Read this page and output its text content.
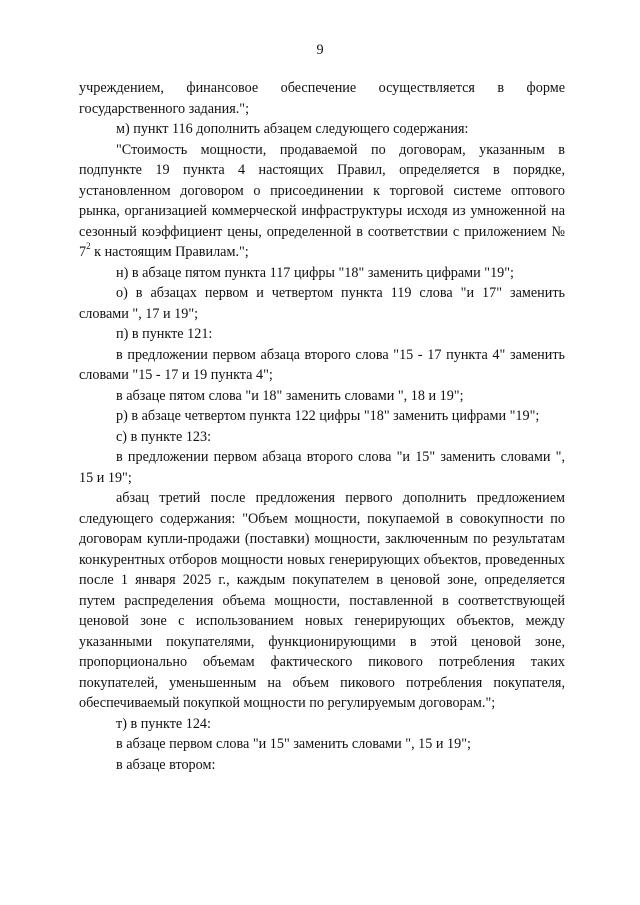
9

учреждением, финансовое обеспечение осуществляется в форме государственного задания.";

м) пункт 116 дополнить абзацем следующего содержания:

"Стоимость мощности, продаваемой по договорам, указанным в подпункте 19 пункта 4 настоящих Правил, определяется в порядке, установленном договором о присоединении к торговой системе оптового рынка, организацией коммерческой инфраструктуры исходя из умноженной на сезонный коэффициент цены, определенной в соответствии с приложением № $7^2$ к настоящим Правилам.";

н) в абзаце пятом пункта 117 цифры "18" заменить цифрами "19";

о) в абзацах первом и четвертом пункта 119 слова "и 17" заменить словами ", 17 и 19";

п) в пункте 121:

в предложении первом абзаца второго слова "15 - 17 пункта 4" заменить словами "15 - 17 и 19 пункта 4";

в абзаце пятом слова "и 18" заменить словами ", 18 и 19";

р) в абзаце четвертом пункта 122 цифры "18" заменить цифрами "19";

с) в пункте 123:

в предложении первом абзаца второго слова "и 15" заменить словами ", 15 и 19";

абзац третий после предложения первого дополнить предложением следующего содержания: "Объем мощности, покупаемой в совокупности по договорам купли-продажи (поставки) мощности, заключенным по результатам конкурентных отборов мощности новых генерирующих объектов, проведенных после 1 января 2025 г., каждым покупателем в ценовой зоне, определяется путем распределения объема мощности, поставленной в соответствующей ценовой зоне с использованием новых генерирующих объектов, между указанными покупателями, функционирующими в этой ценовой зоне, пропорционально объемам фактического пикового потребления таких покупателей, уменьшенным на объем пикового потребления покупателя, обеспечиваемый покупкой мощности по регулируемым договорам.";

т) в пункте 124:

в абзаце первом слова "и 15" заменить словами ", 15 и 19";

в абзаце втором:
